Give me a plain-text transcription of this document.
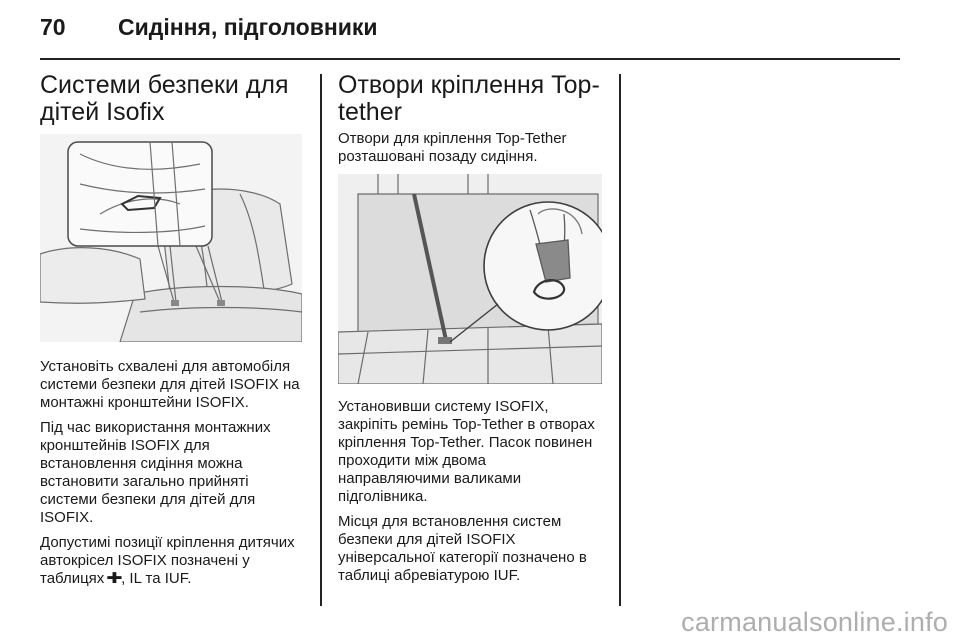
70 Сидіння, підголовники
Системи безпеки для дітей Isofix

Установіть схвалені для автомобіля системи безпеки для дітей ISOFIX на монтажні кронштейни ISOFIX.

Під час використання монтажних кронштейнів ISOFIX для встановлення сидіння можна встановити загально прийняті системи безпеки для дітей для ISOFIX.

Допустимі позиції кріплення дитячих автокрісел ISOFIX позначені у таблицях ✚, IL та IUF.

Отвори кріплення Top-tether

Отвори для кріплення Top-Tether розташовані позаду сидіння.

Установивши систему ISOFIX, закріпіть ремінь Top-Tether в отворах кріплення Top-Tether. Пасок повинен проходити між двома направляючими валиками підголівника.

Місця для встановлення систем безпеки для дітей ISOFIX універсальної категорії позначено в таблиці абревіатурою IUF.

carmanualsonline.info
